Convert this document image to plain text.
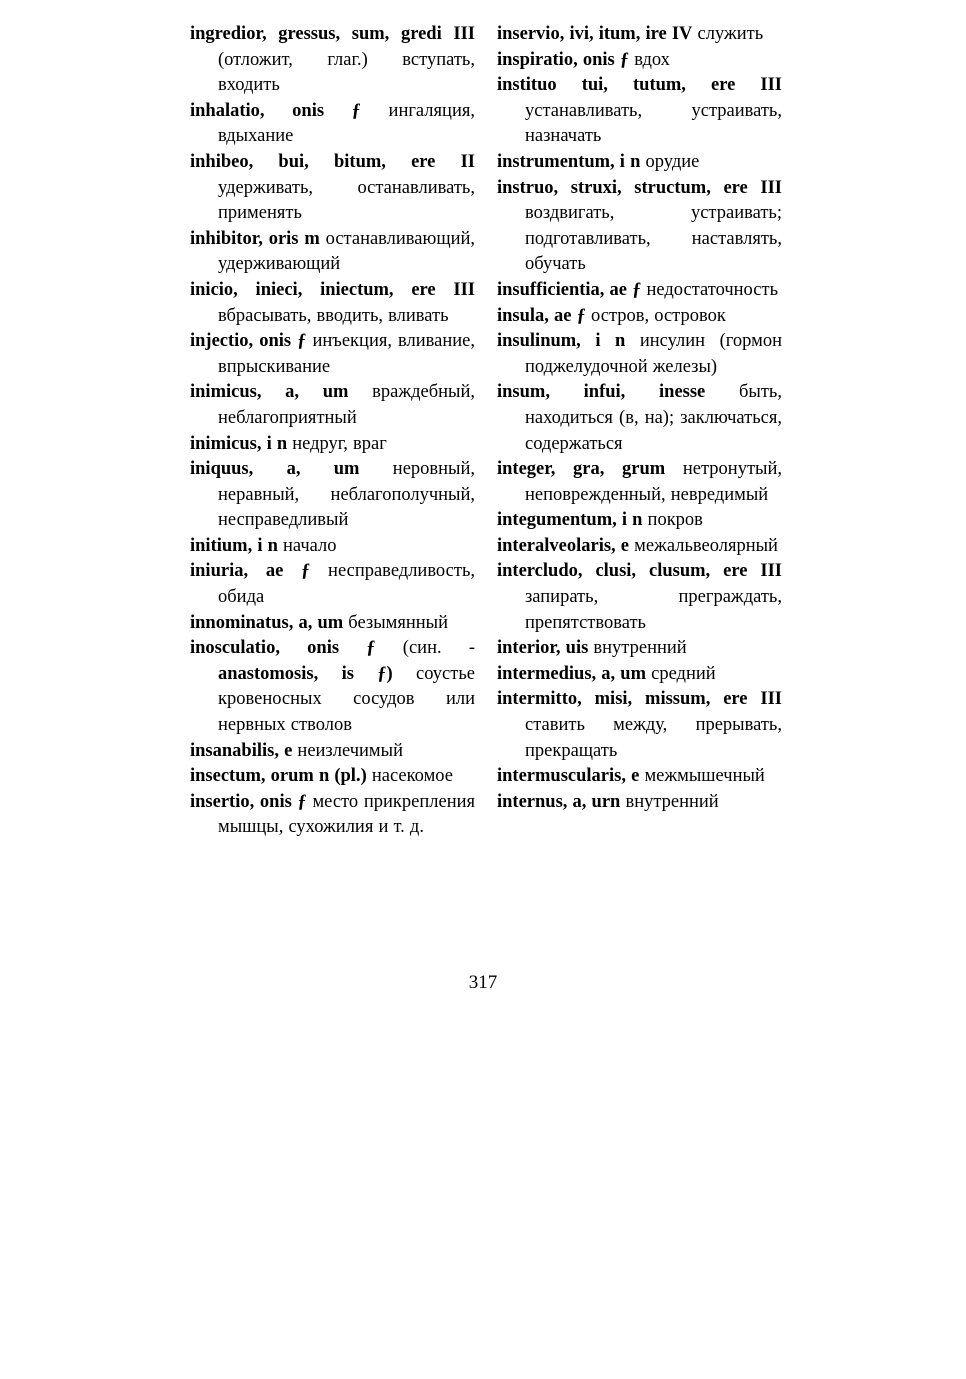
ingredior, gressus, sum, gredi III (отложит, глаг.) вступать, входить
inhalatio, onis ƒ ингаляция, вдыхание
inhibeo, bui, bitum, ere II удерживать, останавливать, применять
inhibitor, oris m останавливающий, удерживающий
inicio, inieci, iniectum, ere III вбрасывать, вводить, вливать
injectio, onis ƒ инъекция, вливание, впрыскивание
inimicus, a, um враждебный, неблагоприятный
inimicus, i n недруг, враг
iniquus, a, um неровный, неравный, неблагополучный, несправедливый
initium, i n начало
iniuria, ae ƒ несправедливость, обида
innominatus, a, um безымянный
inosculatio, onis ƒ (син. - anastomosis, is ƒ) соустье кровеносных сосудов или нервных стволов
insanabilis, e неизлечимый
insectum, orum n (pl.) насекомое
insertio, onis ƒ место прикрепления мышцы, сухожилия и т. д.
inservio, ivi, itum, ire IV служить
inspiratio, onis ƒ вдох
instituo tui, tutum, ere III устанавливать, устраивать, назначать
instrumentum, i n орудие
instruo, struxi, structum, ere III воздвигать, устраивать; подготавливать, наставлять, обучать
insufficientia, ae ƒ недостаточность
insula, ae ƒ остров, островок
insulinum, i n инсулин (гормон поджелудочной железы)
insum, infui, inesse быть, находиться (в, на); заключаться, содержаться
integer, gra, grum нетронутый, неповрежденный, невредимый
integumentum, i n покров
interalveolaris, e межальвеолярный
intercludo, clusi, clusum, ere III запирать, преграждать, препятствовать
interior, uis внутренний
intermedius, a, um средний
intermitto, misi, missum, ere III ставить между, прерывать, прекращать
intermuscularis, e межмышечный
internus, a, urn внутренний
317
